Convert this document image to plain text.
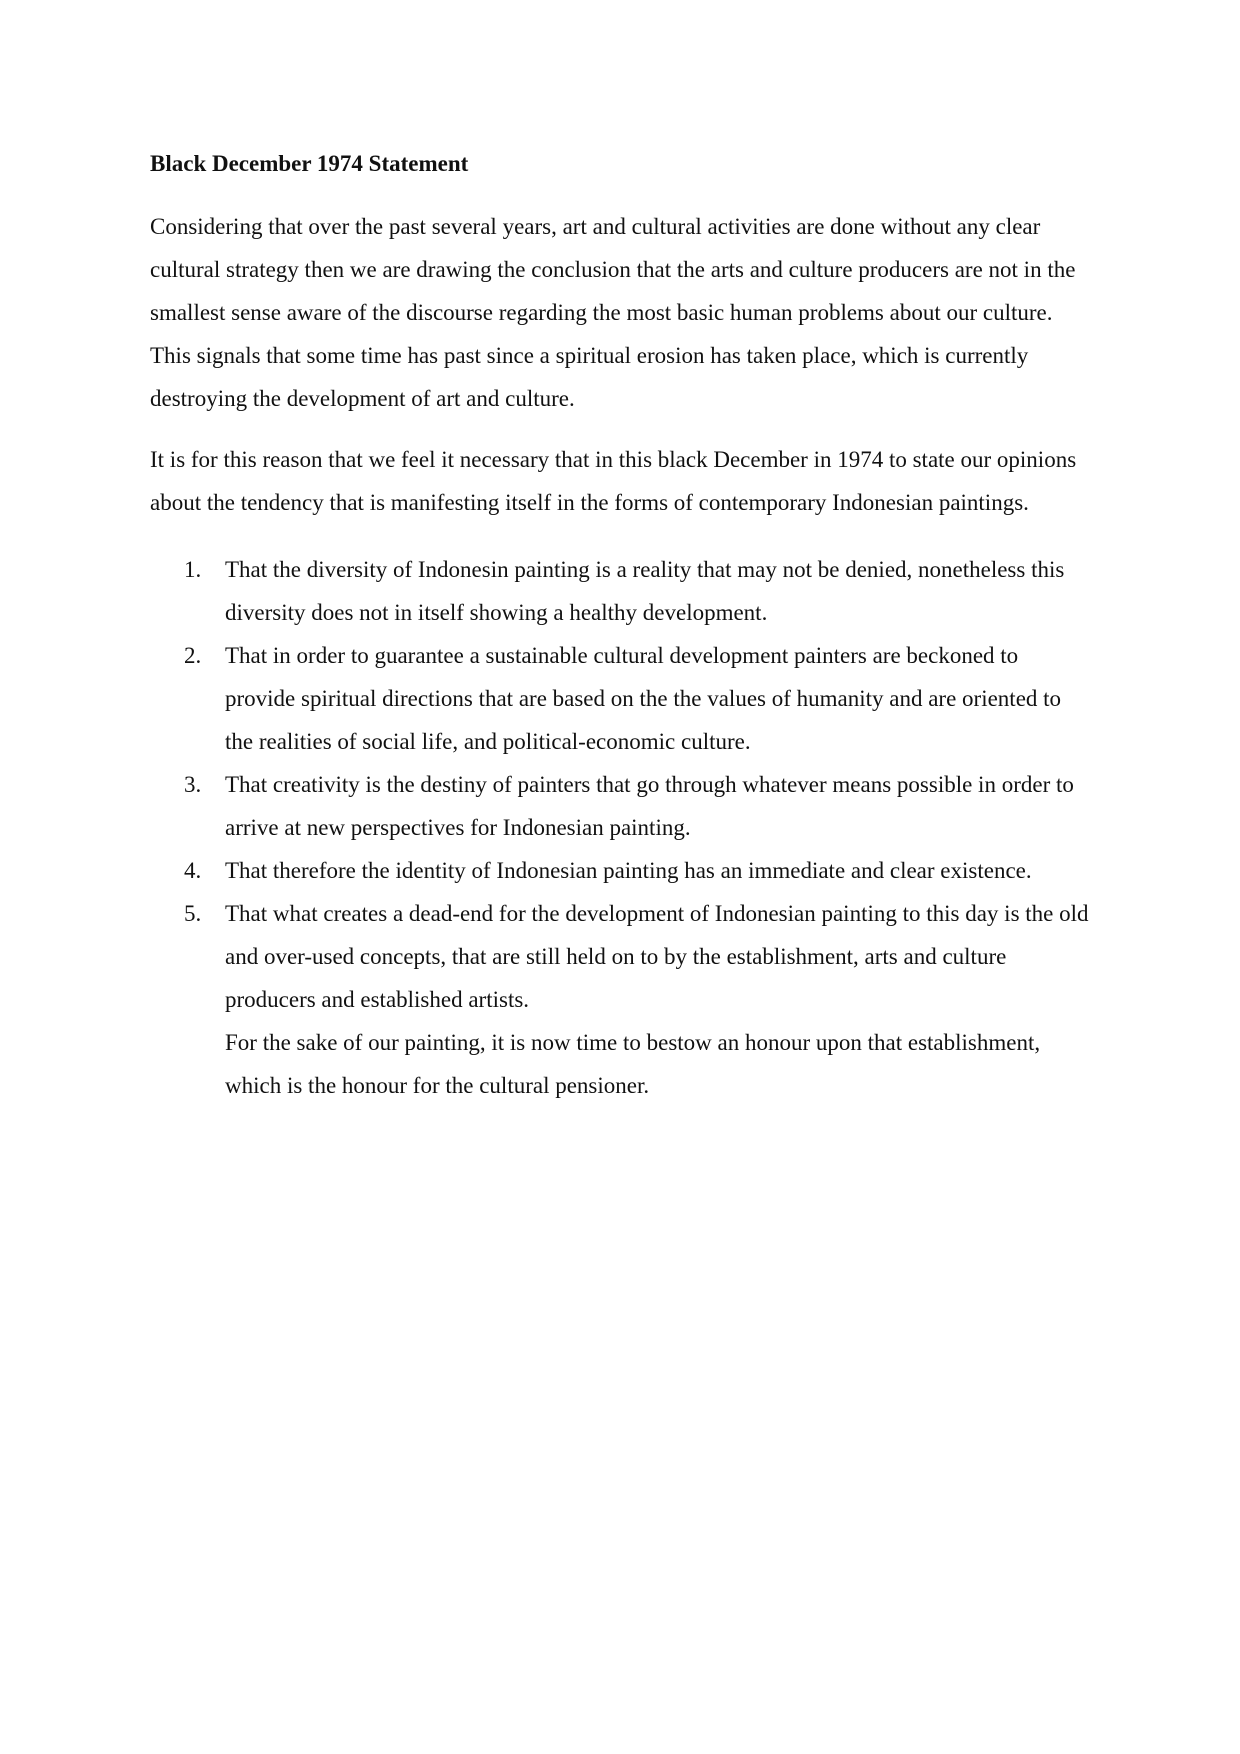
Black December 1974 Statement

Considering that over the past several years, art and cultural activities are done without any clear cultural strategy then we are drawing the conclusion that the arts and culture producers are not in the smallest sense aware of the discourse regarding the most basic human problems about our culture. This signals that some time has past since a spiritual erosion has taken place, which is currently destroying the development of art and culture.

It is for this reason that we feel it necessary that in this black December in 1974 to state our opinions about the tendency that is manifesting itself in the forms of contemporary Indonesian paintings.

1. That the diversity of Indonesin painting is a reality that may not be denied, nonetheless this diversity does not in itself showing a healthy development.
2. That in order to guarantee a sustainable cultural development painters are beckoned to provide spiritual directions that are based on the the values of humanity and are oriented to the realities of social life, and political-economic culture.
3. That creativity is the destiny of painters that go through whatever means possible in order to arrive at new perspectives for Indonesian painting.
4. That therefore the identity of Indonesian painting has an immediate and clear existence.
5. That what creates a dead-end for the development of Indonesian painting to this day is the old and over-used concepts, that are still held on to by the establishment, arts and culture producers and established artists.

For the sake of our painting, it is now time to bestow an honour upon that establishment, which is the honour for the cultural pensioner.
